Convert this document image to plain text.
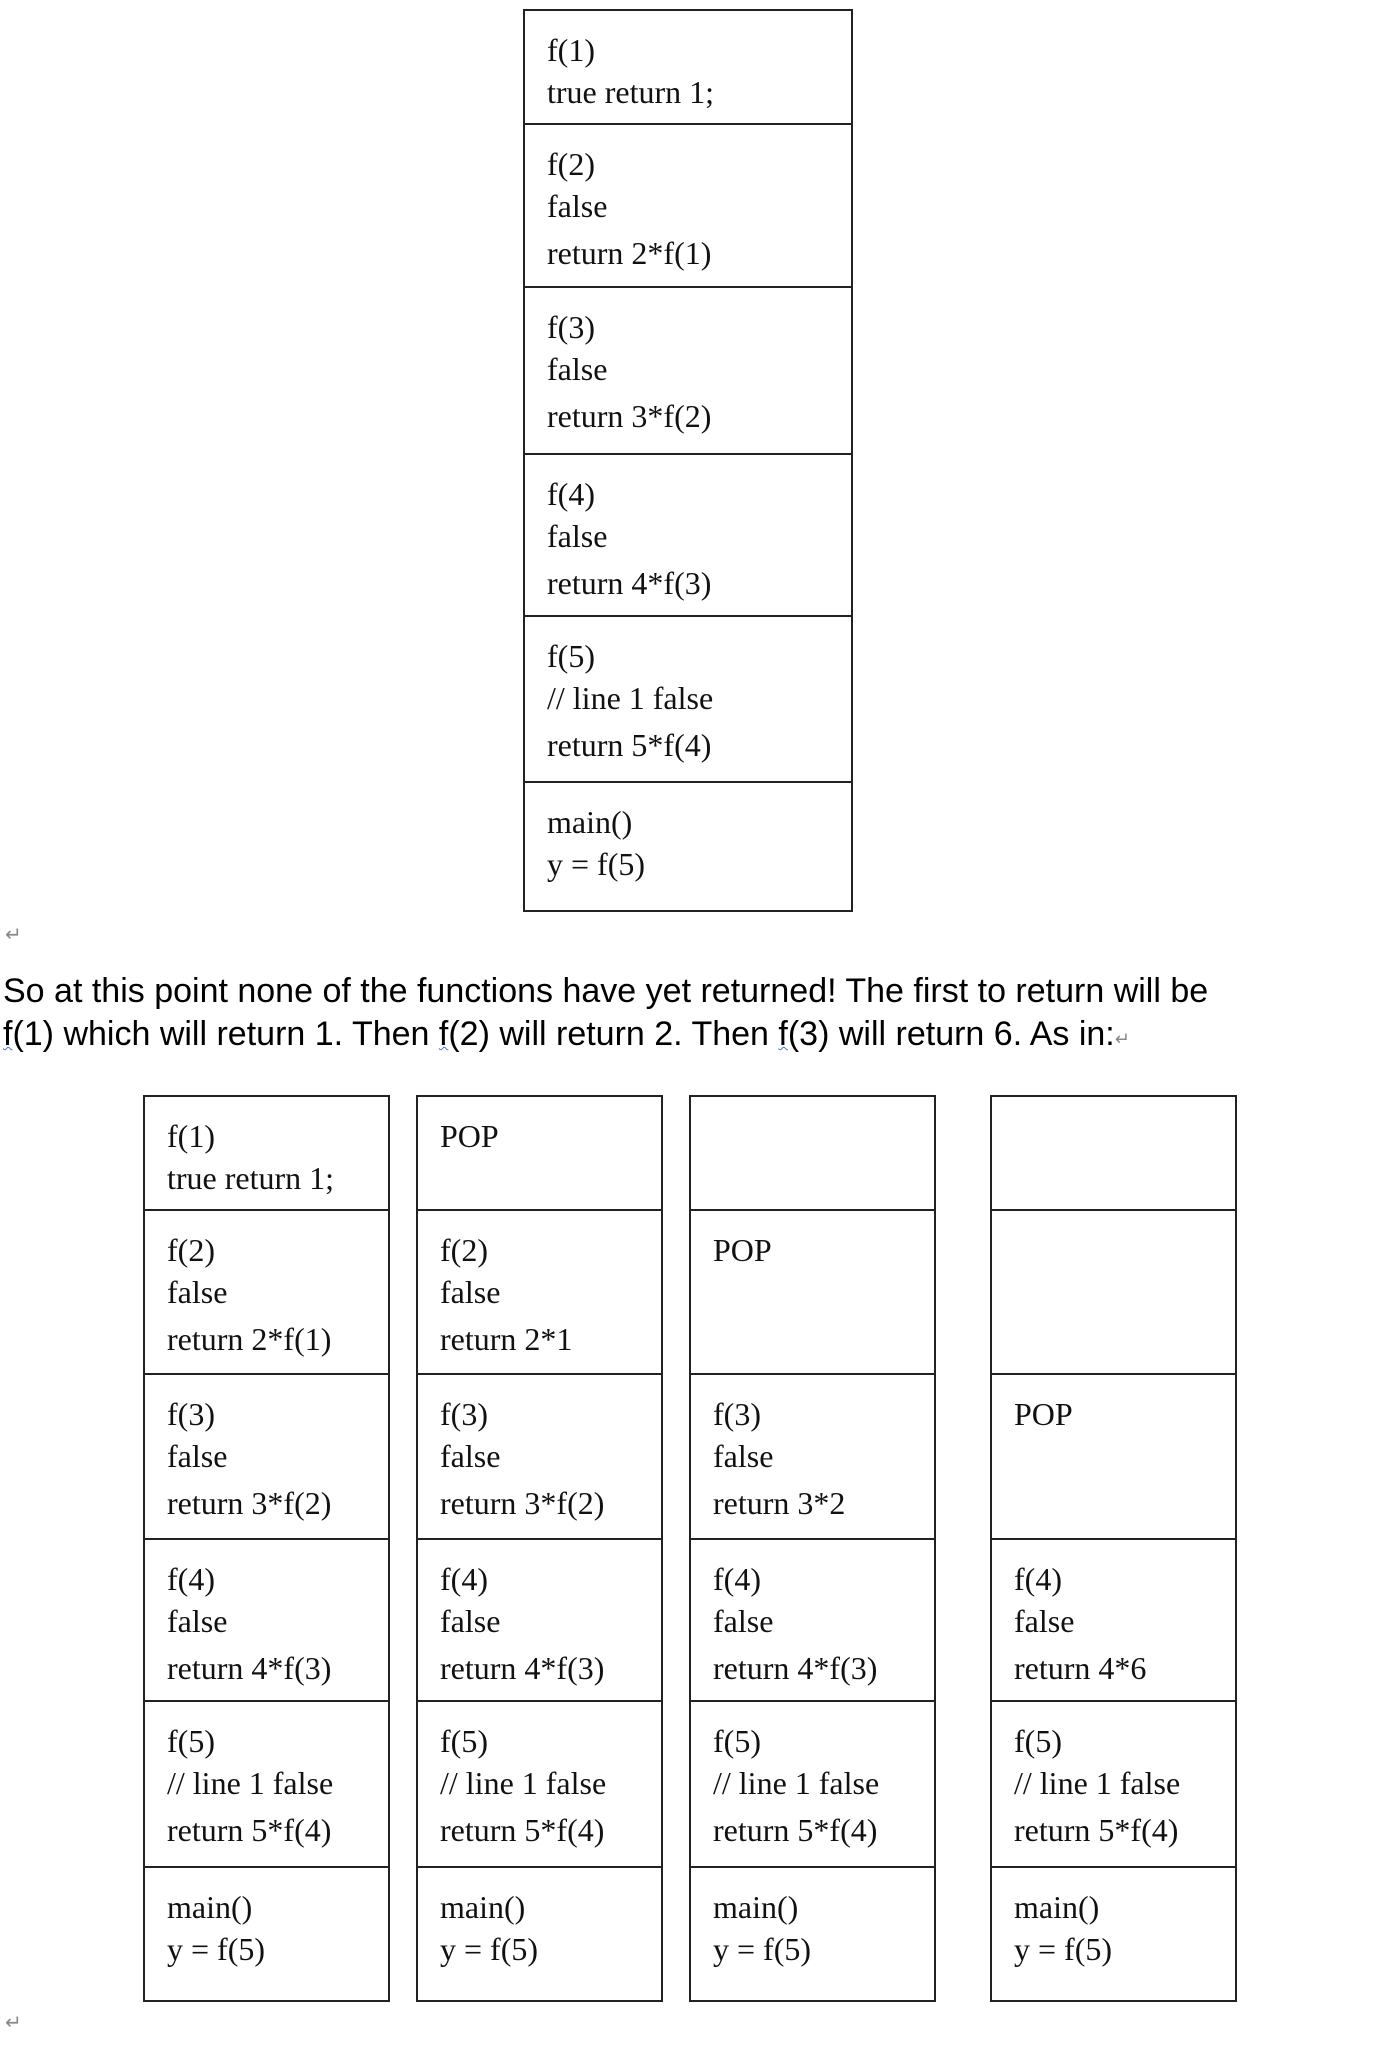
f(1)
true return 1;
f(2)
false
return 2*f(1)
f(3)
false
return 3*f(2)
f(4)
false
return 4*f(3)
f(5)
// line 1 false
return 5*f(4)
main()
y = f(5)
↵
So at this point none of the functions have yet returned! The first to return will be
f(1) which will return 1. Then f(2) will return 2. Then f(3) will return 6. As in:↵
f(1)
true return 1;
f(2)
false
return 2*f(1)
f(3)
false
return 3*f(2)
f(4)
false
return 4*f(3)
f(5)
// line 1 false
return 5*f(4)
main()
y = f(5)
POP
f(2)
false
return 2*1
f(3)
false
return 3*f(2)
f(4)
false
return 4*f(3)
f(5)
// line 1 false
return 5*f(4)
main()
y = f(5)
POP
f(3)
false
return 3*2
f(4)
false
return 4*f(3)
f(5)
// line 1 false
return 5*f(4)
main()
y = f(5)
POP
f(4)
false
return 4*6
f(5)
// line 1 false
return 5*f(4)
main()
y = f(5)
↵
